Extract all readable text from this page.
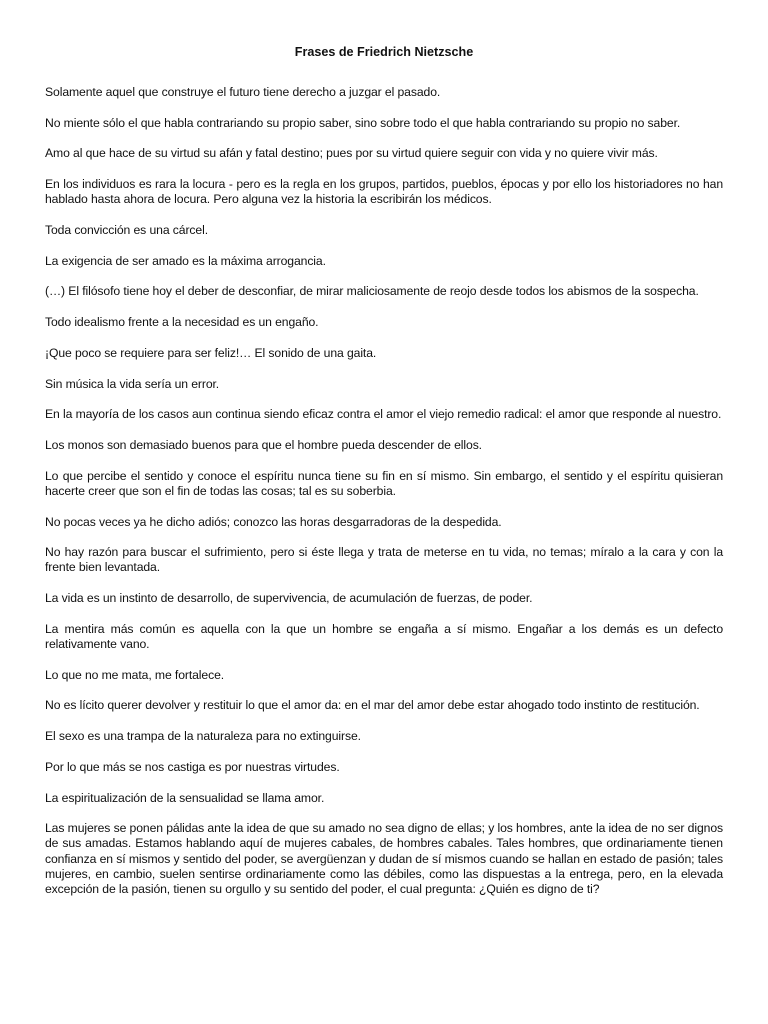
Frases de Friedrich Nietzsche

Solamente aquel que construye el futuro tiene derecho a juzgar el pasado.

No miente sólo el que habla contrariando su propio saber, sino sobre todo el que habla contrariando su propio no saber.

Amo al que hace de su virtud su afán y fatal destino; pues por su virtud quiere seguir con vida y no quiere vivir más.

En los individuos es rara la locura - pero es la regla en los grupos, partidos, pueblos, épocas y por ello los historiadores no han hablado hasta ahora de locura. Pero alguna vez la historia la escribirán los médicos.

Toda convicción es una cárcel.

La exigencia de ser amado es la máxima arrogancia.

(…) El filósofo tiene hoy el deber de desconfiar, de mirar maliciosamente de reojo desde todos los abismos de la sospecha.

Todo idealismo frente a la necesidad es un engaño.

¡Que poco se requiere para ser feliz!… El sonido de una gaita.

Sin música la vida sería un error.

En la mayoría de los casos aun continua siendo eficaz contra el amor el viejo remedio radical: el amor que responde al nuestro.

Los monos son demasiado buenos para que el hombre pueda descender de ellos.

Lo que percibe el sentido y conoce el espíritu nunca tiene su fin en sí mismo. Sin embargo, el sentido y el espíritu quisieran hacerte creer que son el fin de todas las cosas; tal es su soberbia.

No pocas veces ya he dicho adiós; conozco las horas desgarradoras de la despedida.

No hay razón para buscar el sufrimiento, pero si éste llega y trata de meterse en tu vida, no temas; míralo a la cara y con la frente bien levantada.

La vida es un instinto de desarrollo, de supervivencia, de acumulación de fuerzas, de poder.

La mentira más común es aquella con la que un hombre se engaña a sí mismo. Engañar a los demás es un defecto relativamente vano.

Lo que no me mata, me fortalece.

No es lícito querer devolver y restituir lo que el amor da: en el mar del amor debe estar ahogado todo instinto de restitución.

El sexo es una trampa de la naturaleza para no extinguirse.

Por lo que más se nos castiga es por nuestras virtudes.

La espiritualización de la sensualidad se llama amor.

Las mujeres se ponen pálidas ante la idea de que su amado no sea digno de ellas; y los hombres, ante la idea de no ser dignos de sus amadas. Estamos hablando aquí de mujeres cabales, de hombres cabales. Tales hombres, que ordinariamente tienen confianza en sí mismos y sentido del poder, se avergüenzan y dudan de sí mismos cuando se hallan en estado de pasión; tales mujeres, en cambio, suelen sentirse ordinariamente como las débiles, como las dispuestas a la entrega, pero, en la elevada excepción de la pasión, tienen su orgullo y su sentido del poder, el cual pregunta: ¿Quién es digno de ti?
